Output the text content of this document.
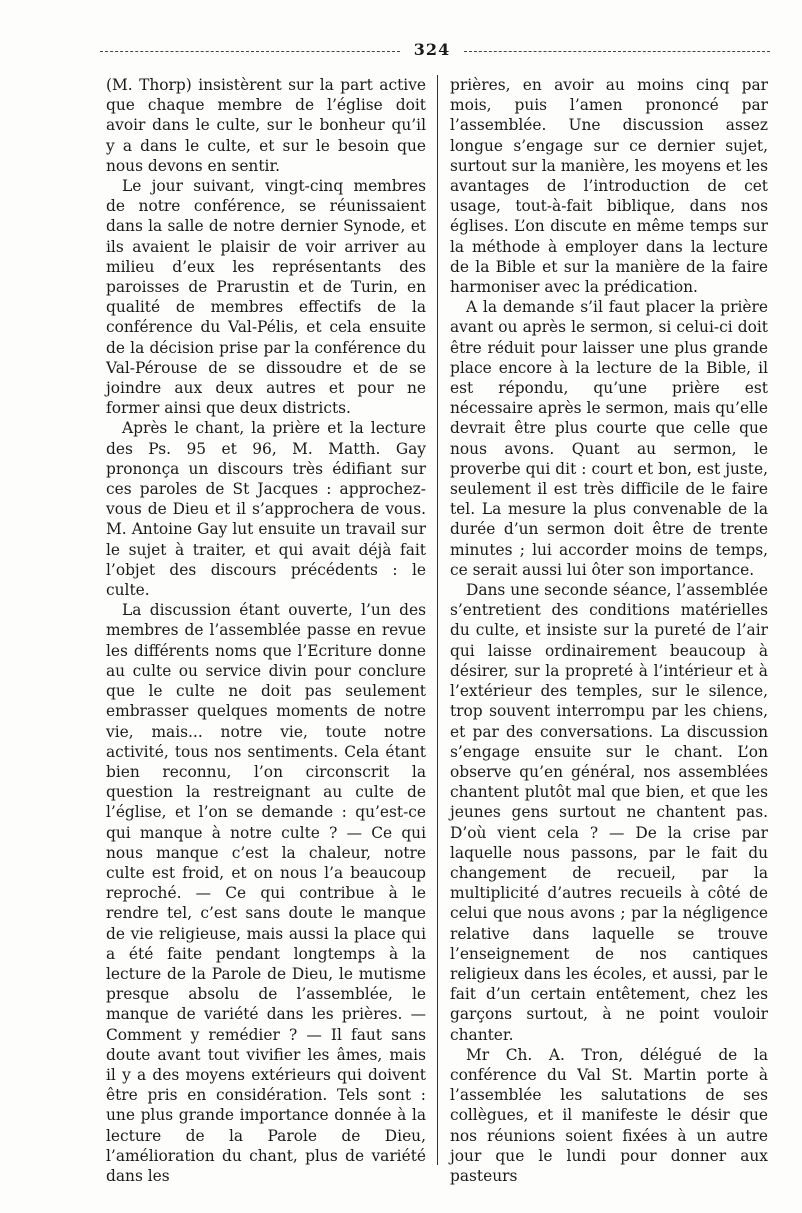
324

(M. Thorp) insistèrent sur la part active que chaque membre de l’église doit avoir dans le culte, sur le bonheur qu’il y a dans le culte, et sur le besoin que nous devons en sentir.

Le jour suivant, vingt-cinq membres de notre conférence, se réunissaient dans la salle de notre dernier Synode, et ils avaient le plaisir de voir arriver au milieu d’eux les représentants des paroisses de Prarustin et de Turin, en qualité de membres effectifs de la conférence du Val-Pélis, et cela ensuite de la décision prise par la conférence du Val-Pérouse de se dissoudre et de se joindre aux deux autres et pour ne former ainsi que deux districts.

Après le chant, la prière et la lecture des Ps. 95 et 96, M. Matth. Gay prononça un discours très édifiant sur ces paroles de St Jacques : approchez-vous de Dieu et il s’approchera de vous. M. Antoine Gay lut ensuite un travail sur le sujet à traiter, et qui avait déjà fait l’objet des discours précédents : le culte.

La discussion étant ouverte, l’un des membres de l’assemblée passe en revue les différents noms que l’Ecriture donne au culte ou service divin pour conclure que le culte ne doit pas seulement embrasser quelques moments de notre vie, mais... notre vie, toute notre activité, tous nos sentiments. Cela étant bien reconnu, l’on circonscrit la question la restreignant au culte de l’église, et l’on se demande : qu’est-ce qui manque à notre culte ? — Ce qui nous manque c’est la chaleur, notre culte est froid, et on nous l’a beaucoup reproché. — Ce qui contribue à le rendre tel, c’est sans doute le manque de vie religieuse, mais aussi la place qui a été faite pendant longtemps à la lecture de la Parole de Dieu, le mutisme presque absolu de l’assemblée, le manque de variété dans les prières. — Comment y remédier ? — Il faut sans doute avant tout vivifier les âmes, mais il y a des moyens extérieurs qui doivent être pris en considération. Tels sont : une plus grande importance donnée à la lecture de la Parole de Dieu, l’amélioration du chant, plus de variété dans les

prières, en avoir au moins cinq par mois, puis l’amen prononcé par l’assemblée. Une discussion assez longue s’engage sur ce dernier sujet, surtout sur la manière, les moyens et les avantages de l’introduction de cet usage, tout-à-fait biblique, dans nos églises. L’on discute en même temps sur la méthode à employer dans la lecture de la Bible et sur la manière de la faire harmoniser avec la prédication.

A la demande s’il faut placer la prière avant ou après le sermon, si celui-ci doit être réduit pour laisser une plus grande place encore à la lecture de la Bible, il est répondu, qu’une prière est nécessaire après le sermon, mais qu’elle devrait être plus courte que celle que nous avons. Quant au sermon, le proverbe qui dit : court et bon, est juste, seulement il est très difficile de le faire tel. La mesure la plus convenable de la durée d’un sermon doit être de trente minutes ; lui accorder moins de temps, ce serait aussi lui ôter son importance.

Dans une seconde séance, l’assemblée s’entretient des conditions matérielles du culte, et insiste sur la pureté de l’air qui laisse ordinairement beaucoup à désirer, sur la propreté à l’intérieur et à l’extérieur des temples, sur le silence, trop souvent interrompu par les chiens, et par des conversations. La discussion s’engage ensuite sur le chant. L’on observe qu’en général, nos assemblées chantent plutôt mal que bien, et que les jeunes gens surtout ne chantent pas. D’où vient cela ? — De la crise par laquelle nous passons, par le fait du changement de recueil, par la multiplicité d’autres recueils à côté de celui que nous avons ; par la négligence relative dans laquelle se trouve l’enseignement de nos cantiques religieux dans les écoles, et aussi, par le fait d’un certain entêtement, chez les garçons surtout, à ne point vouloir chanter.

Mr Ch. A. Tron, délégué de la conférence du Val St. Martin porte à l’assemblée les salutations de ses collègues, et il manifeste le désir que nos réunions soient fixées à un autre jour que le lundi pour donner aux pasteurs
